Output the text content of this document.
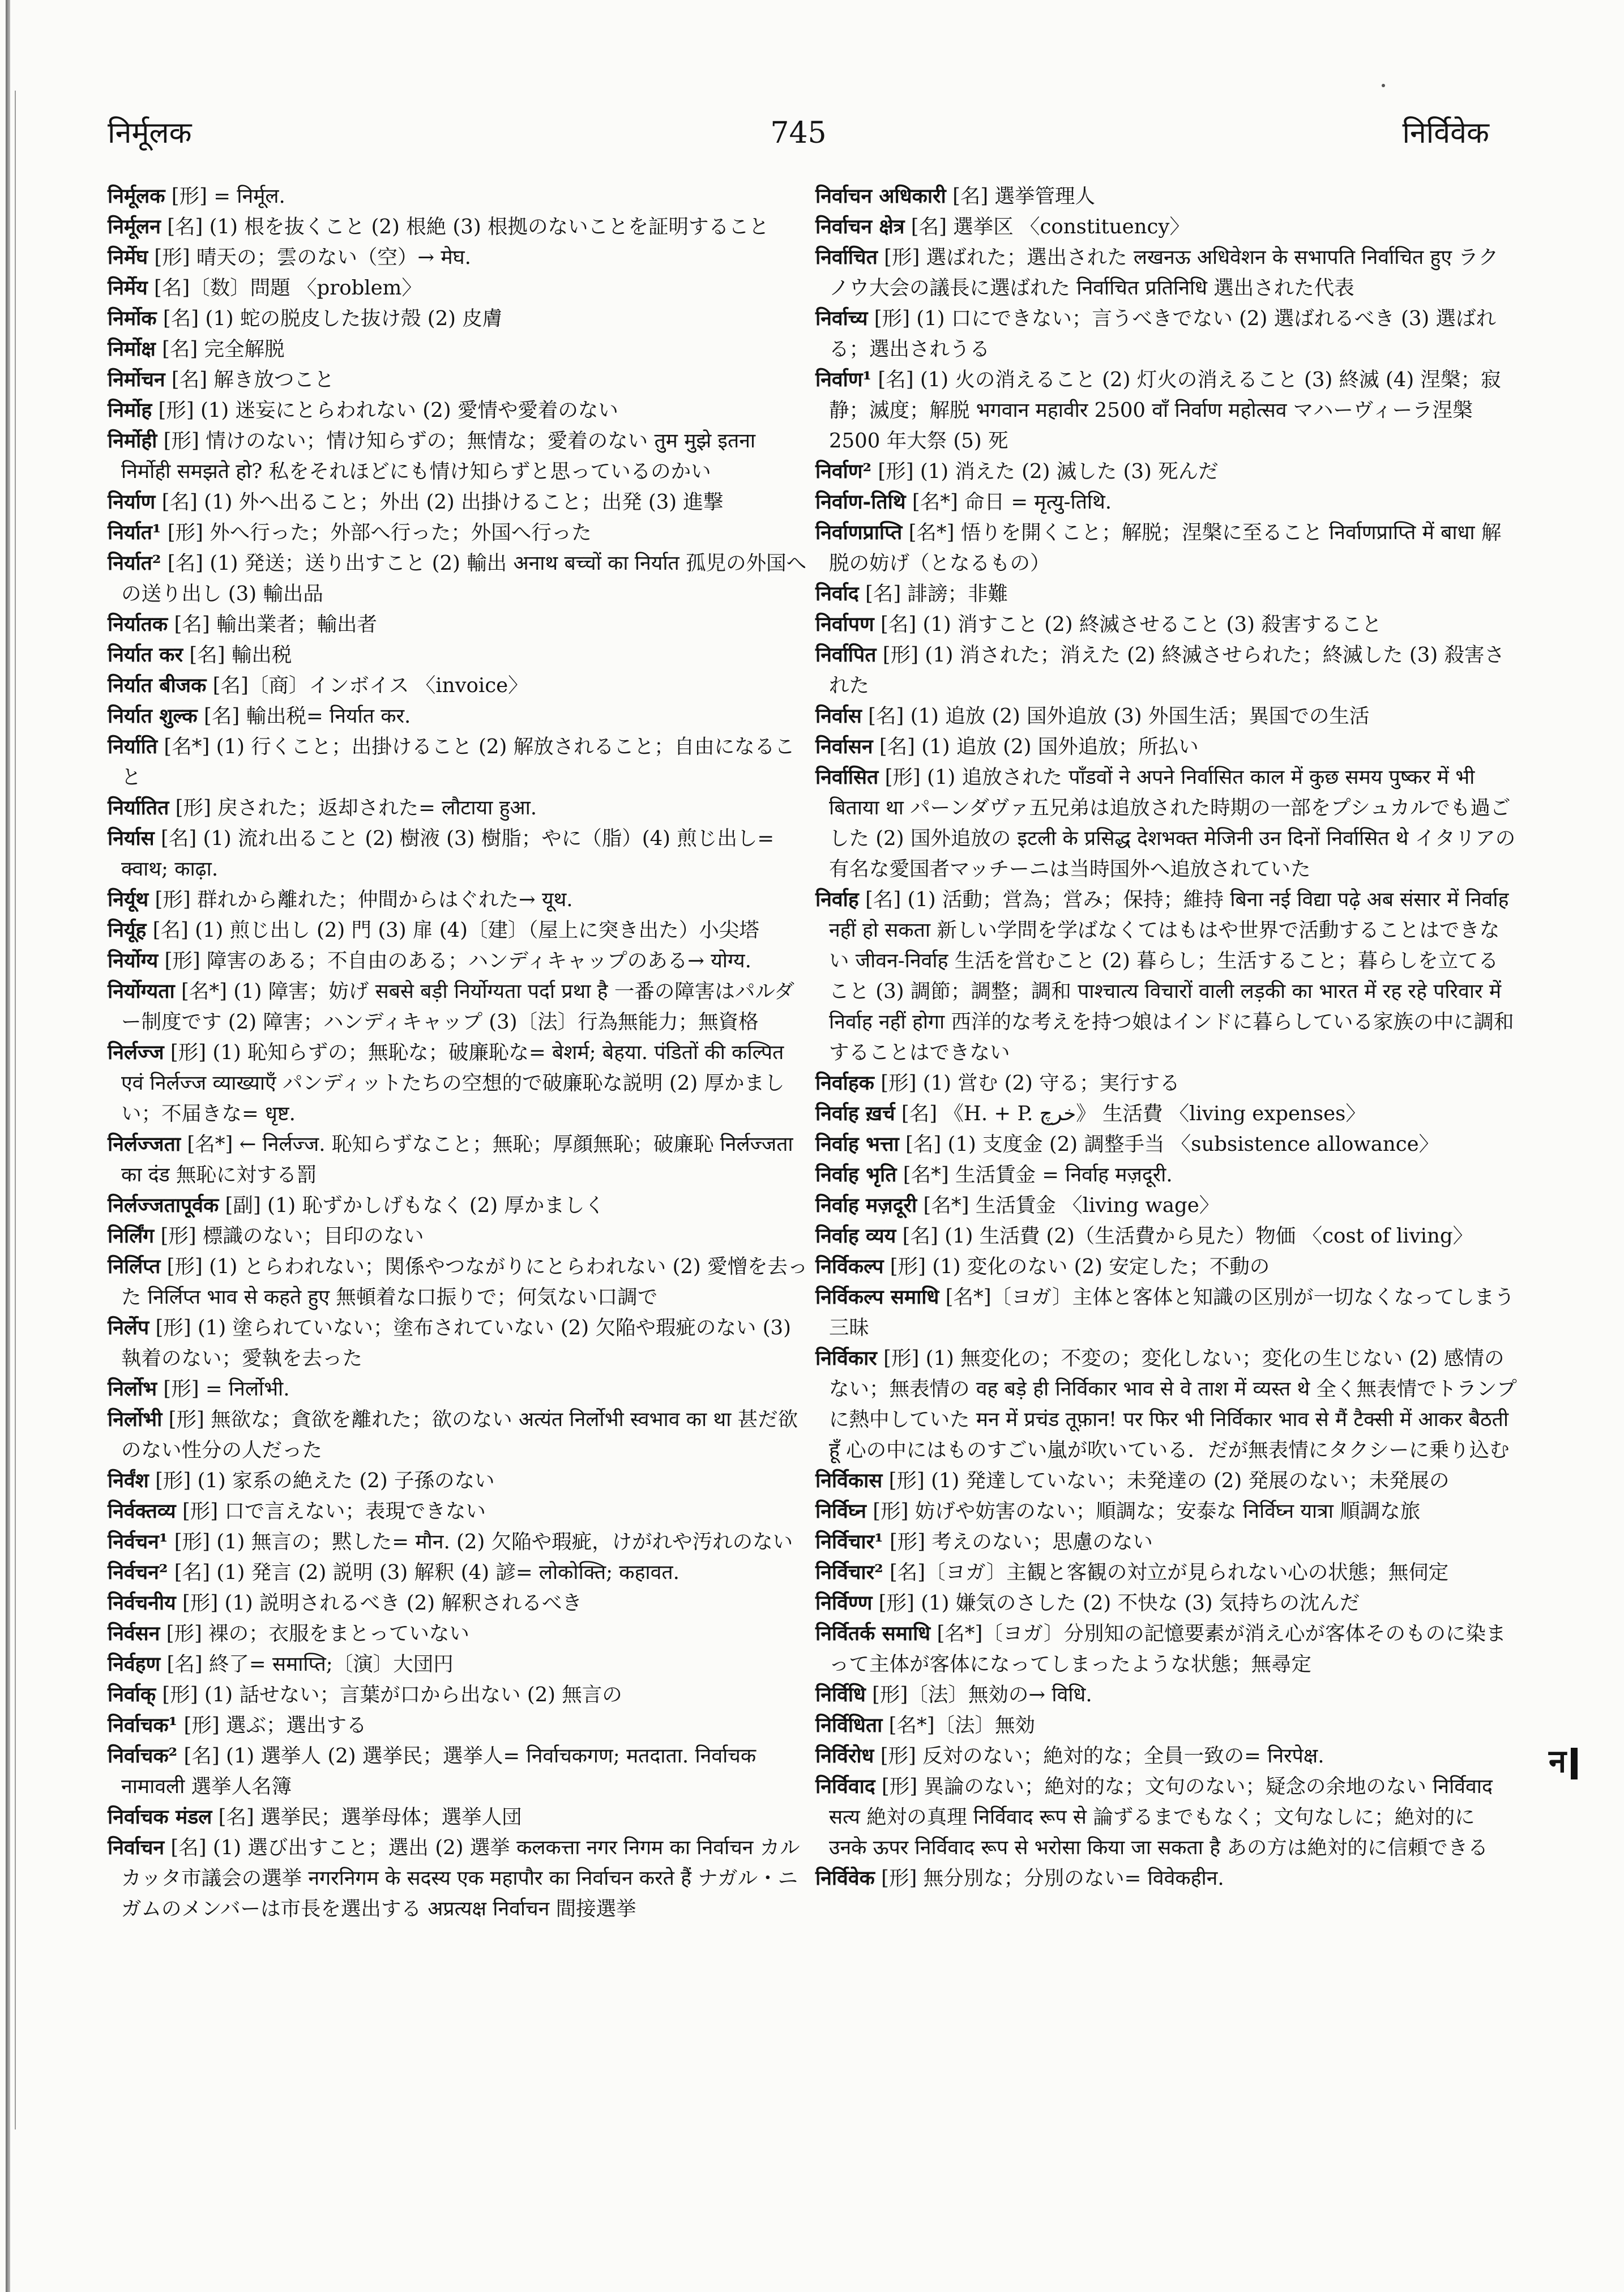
745
निर्मूलक	निर्विवेक
निर्मूलक [形] = निर्मूल.
निर्मूलन [名] (1) 根を抜くこと (2) 根絶 (3) 根拠のないことを証明すること
निर्मेघ [形] 晴天の；雲のない（空）→ मेघ.
निर्मेय [名]〔数〕問題 〈problem〉
निर्मोक [名] (1) 蛇の脱皮した抜け殻 (2) 皮膚
निर्मोक्ष [名] 完全解脱
निर्मोचन [名] 解き放つこと
निर्मोह [形] (1) 迷妄にとらわれない (2) 愛情や愛着のない
निर्मोही [形] 情けのない；情け知らずの；無情な；愛着のない तुम मुझे इतना निर्मोही समझते हो? 私をそれほどにも情け知らずと思っているのかい
निर्याण [名] (1) 外へ出ること；外出 (2) 出掛けること；出発 (3) 進撃
निर्यात¹ [形] 外へ行った；外部へ行った；外国へ行った
निर्यात² [名] (1) 発送；送り出すこと (2) 輸出 अनाथ बच्चों का निर्यात 孤児の外国への送り出し (3) 輸出品
निर्यातक [名] 輸出業者；輸出者
निर्यात कर [名] 輸出税
निर्यात बीजक [名]〔商〕インボイス 〈invoice〉
निर्यात शुल्क [名] 輸出税= निर्यात कर.
निर्याति [名*] (1) 行くこと；出掛けること (2) 解放されること；自由になること
निर्यातित [形] 戻された；返却された= लौटाया हुआ.
निर्यास [名] (1) 流れ出ること (2) 樹液 (3) 樹脂；やに（脂）(4) 煎じ出し= क्वाथ; काढ़ा.
निर्यूथ [形] 群れから離れた；仲間からはぐれた→ यूथ.
निर्यूह [名] (1) 煎じ出し (2) 門 (3) 扉 (4)〔建〕（屋上に突き出た）小尖塔
निर्योग्य [形] 障害のある；不自由のある；ハンディキャップのある→ योग्य.
निर्योग्यता [名*] (1) 障害；妨げ सबसे बड़ी निर्योग्यता पर्दा प्रथा है 一番の障害はパルダー制度です (2) 障害；ハンディキャップ (3)〔法〕行為無能力；無資格
निर्लज्ज [形] (1) 恥知らずの；無恥な；破廉恥な= बेशर्म; बेहया. पंडितों की कल्पित एवं निर्लज्ज व्याख्याएँ パンディットたちの空想的で破廉恥な説明 (2) 厚かましい；不届きな= धृष्ट.
निर्लज्जता [名*] ← निर्लज्ज. 恥知らずなこと；無恥；厚顔無恥；破廉恥 निर्लज्जता का दंड 無恥に対する罰
निर्लज्जतापूर्वक [副] (1) 恥ずかしげもなく (2) 厚かましく
निर्लिंग [形] 標識のない；目印のない
निर्लिप्त [形] (1) とらわれない；関係やつながりにとらわれない (2) 愛憎を去った निर्लिप्त भाव से कहते हुए 無頓着な口振りで；何気ない口調で
निर्लेप [形] (1) 塗られていない；塗布されていない (2) 欠陥や瑕疵のない (3) 執着のない；愛執を去った
निर्लोभ [形] = निर्लोभी.
निर्लोभी [形] 無欲な；貪欲を離れた；欲のない अत्यंत निर्लोभी स्वभाव का था 甚だ欲のない性分の人だった
निर्वंश [形] (1) 家系の絶えた (2) 子孫のない
निर्वक्तव्य [形] 口で言えない；表現できない
निर्वचन¹ [形] (1) 無言の；黙した= मौन. (2) 欠陥や瑕疵，けがれや汚れのない
निर्वचन² [名] (1) 発言 (2) 説明 (3) 解釈 (4) 諺= लोकोक्ति; कहावत.
निर्वचनीय [形] (1) 説明されるべき (2) 解釈されるべき
निर्वसन [形] 裸の；衣服をまとっていない
निर्वहण [名] 終了= समाप्ति;〔演〕大団円
निर्वाक् [形] (1) 話せない；言葉が口から出ない (2) 無言の
निर्वाचक¹ [形] 選ぶ；選出する
निर्वाचक² [名] (1) 選挙人 (2) 選挙民；選挙人= निर्वाचकगण; मतदाता. निर्वाचक नामावली 選挙人名簿
निर्वाचक मंडल [名] 選挙民；選挙母体；選挙人団
निर्वाचन [名] (1) 選び出すこと；選出 (2) 選挙 कलकत्ता नगर निगम का निर्वाचन カルカッタ市議会の選挙 नगरनिगम के सदस्य एक महापौर का निर्वाचन करते हैं ナガル・ニガムのメンバーは市長を選出する अप्रत्यक्ष निर्वाचन 間接選挙
निर्वाचन अधिकारी [名] 選挙管理人
निर्वाचन क्षेत्र [名] 選挙区 〈constituency〉
निर्वाचित [形] 選ばれた；選出された लखनऊ अधिवेशन के सभापति निर्वाचित हुए ラクノウ大会の議長に選ばれた निर्वाचित प्रतिनिधि 選出された代表
निर्वाच्य [形] (1) 口にできない；言うべきでない (2) 選ばれるべき (3) 選ばれる；選出されうる
निर्वाण¹ [名] (1) 火の消えること (2) 灯火の消えること (3) 終滅 (4) 涅槃；寂静；滅度；解脱 भगवान महावीर 2500 वाँ निर्वाण महोत्सव マハーヴィーラ涅槃 2500 年大祭 (5) 死
निर्वाण² [形] (1) 消えた (2) 滅した (3) 死んだ
निर्वाण-तिथि [名*] 命日 = मृत्यु-तिथि.
निर्वाणप्राप्ति [名*] 悟りを開くこと；解脱；涅槃に至ること निर्वाणप्राप्ति में बाधा 解脱の妨げ（となるもの）
निर्वाद [名] 誹謗；非難
निर्वापण [名] (1) 消すこと (2) 終滅させること (3) 殺害すること
निर्वापित [形] (1) 消された；消えた (2) 終滅させられた；終滅した (3) 殺害された
निर्वास [名] (1) 追放 (2) 国外追放 (3) 外国生活；異国での生活
निर्वासन [名] (1) 追放 (2) 国外追放；所払い
निर्वासित [形] (1) 追放された पाँडवों ने अपने निर्वासित काल में कुछ समय पुष्कर में भी बिताया था パーンダヴァ五兄弟は追放された時期の一部をプシュカルでも過ごした (2) 国外追放の इटली के प्रसिद्ध देशभक्त मेजिनी उन दिनों निर्वासित थे イタリアの有名な愛国者マッチーニは当時国外へ追放されていた
निर्वाह [名] (1) 活動；営為；営み；保持；維持 बिना नई विद्या पढ़े अब संसार में निर्वाह नहीं हो सकता 新しい学問を学ばなくてはもはや世界で活動することはできない जीवन-निर्वाह 生活を営むこと (2) 暮らし；生活すること；暮らしを立てること (3) 調節；調整；調和 पाश्चात्य विचारों वाली लड़की का भारत में रह रहे परिवार में निर्वाह नहीं होगा 西洋的な考えを持つ娘はインドに暮らしている家族の中に調和することはできない
निर्वाहक [形] (1) 営む (2) 守る；実行する
निर्वाह ख़र्च [名] 《H. + P. خرچ》 生活費 〈living expenses〉
निर्वाह भत्ता [名] (1) 支度金 (2) 調整手当 〈subsistence allowance〉
निर्वाह भृति [名*] 生活賃金 = निर्वाह मज़दूरी.
निर्वाह मज़दूरी [名*] 生活賃金 〈living wage〉
निर्वाह व्यय [名] (1) 生活費 (2)（生活費から見た）物価 〈cost of living〉
निर्विकल्प [形] (1) 変化のない (2) 安定した；不動の
निर्विकल्प समाधि [名*]〔ヨガ〕主体と客体と知識の区別が一切なくなってしまう三昧
निर्विकार [形] (1) 無変化の；不変の；変化しない；変化の生じない (2) 感情のない；無表情の वह बड़े ही निर्विकार भाव से वे ताश में व्यस्त थे 全く無表情でトランプに熱中していた मन में प्रचंड तूफ़ान! पर फिर भी निर्विकार भाव से मैं टैक्सी में आकर बैठती हूँ 心の中にはものすごい嵐が吹いている．だが無表情にタクシーに乗り込む
निर्विकास [形] (1) 発達していない；未発達の (2) 発展のない；未発展の
निर्विघ्न [形] 妨げや妨害のない；順調な；安泰な निर्विघ्न यात्रा 順調な旅
निर्विचार¹ [形] 考えのない；思慮のない
निर्विचार² [名]〔ヨガ〕主観と客観の対立が見られない心の状態；無伺定
निर्विण्ण [形] (1) 嫌気のさした (2) 不快な (3) 気持ちの沈んだ
निर्वितर्क समाधि [名*]〔ヨガ〕分別知の記憶要素が消え心が客体そのものに染まって主体が客体になってしまったような状態；無尋定
निर्विधि [形]〔法〕無効の→ विधि.
निर्विधिता [名*]〔法〕無効
निर्विरोध [形] 反対のない；絶対的な；全員一致の= निरपेक्ष.
निर्विवाद [形] 異論のない；絶対的な；文句のない；疑念の余地のない निर्विवाद सत्य 絶対の真理 निर्विवाद रूप से 論ずるまでもなく；文句なしに；絶対的に उनके ऊपर निर्विवाद रूप से भरोसा किया जा सकता है あの方は絶対的に信頼できる
निर्विवेक [形] 無分別な；分別のない= विवेकहीन.
न
